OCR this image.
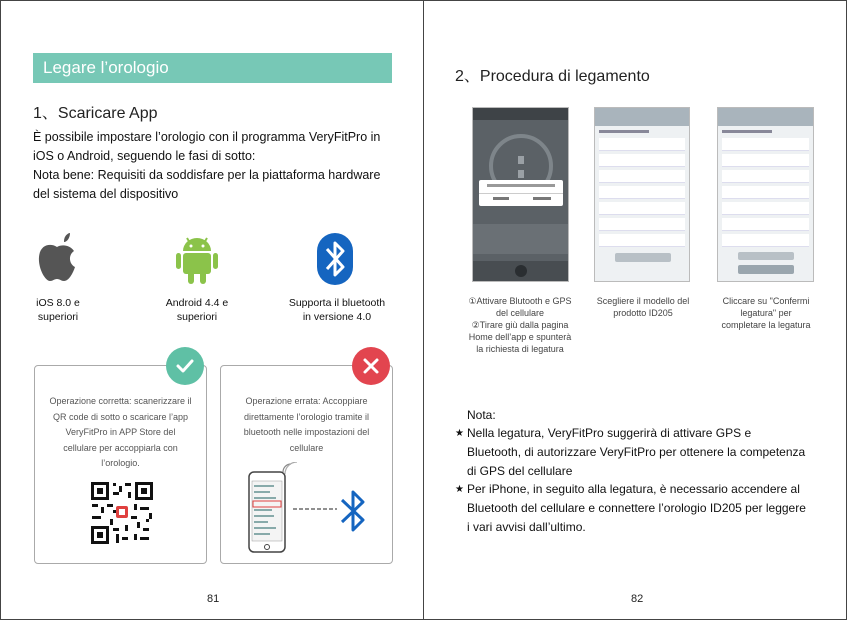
Legare l’orologio
1、Scaricare App
È possibile impostare l’orologio con il programma VeryFitPro in
iOS o Android, seguendo le fasi di sotto:
Nota bene: Requisiti da soddisfare per la piattaforma hardware
del sistema del dispositivo
iOS 8.0 e
superiori
Android 4.4 e
superiori
Supporta il bluetooth
in versione 4.0
Operazione corretta: scanerizzare il
QR code di sotto o scaricare l’app
VeryFitPro in APP Store del
cellulare per accoppiarla con
l’orologio.
Operazione errata: Accoppiare
direttamente l’orologio tramite il
bluetooth nelle impostazioni del
cellulare
81
2、Procedura di legamento
①Attivare Blutooth e GPS
del cellulare
②Tirare giù dalla pagina
Home dell’app e spunterà
la richiesta di legatura
Scegliere il modello del
prodotto ID205
Cliccare su "Confermi
legatura" per
completare la legatura
Nota:
★ Nella legatura, VeryFitPro suggerirà di attivare GPS e
Bluetooth, di autorizzare VeryFitPro per ottenere la competenza
di GPS del cellulare
★ Per iPhone, in seguito alla legatura, è necessario accendere al
Bluetooth del cellulare e connettere l’orologio ID205 per leggere
i vari avvisi dall’ultimo.
82
